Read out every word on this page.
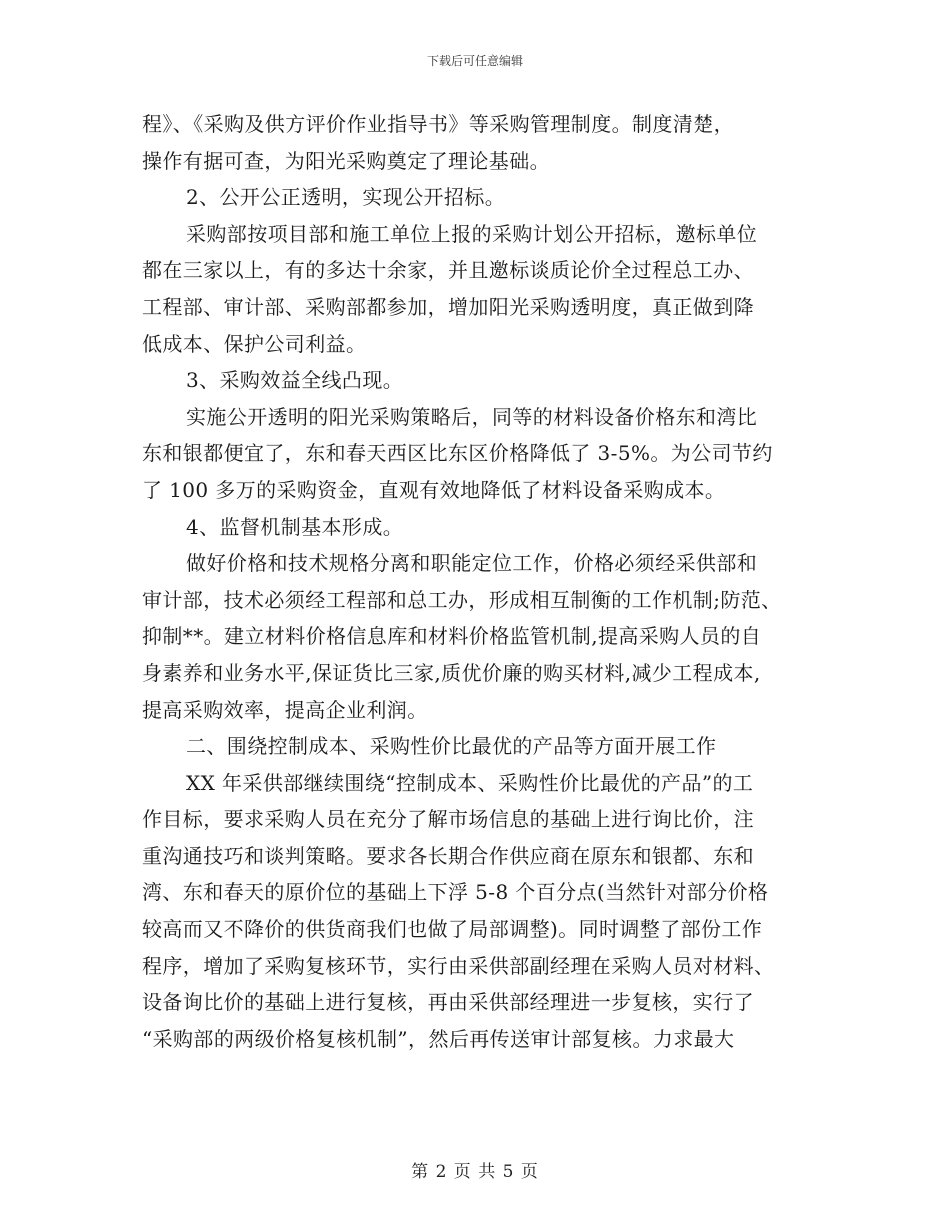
下载后可任意编辑
程》、《采购及供方评价作业指导书》等采购管理制度。制度清楚，
操作有据可查，为阳光采购奠定了理论基础。
2、公开公正透明，实现公开招标。
采购部按项目部和施工单位上报的采购计划公开招标，邀标单位
都在三家以上，有的多达十余家，并且邀标谈质论价全过程总工办、
工程部、审计部、采购部都参加，增加阳光采购透明度，真正做到降
低成本、保护公司利益。
3、采购效益全线凸现。
实施公开透明的阳光采购策略后，同等的材料设备价格东和湾比
东和银都便宜了，东和春天西区比东区价格降低了 3-5%。为公司节约
了 100 多万的采购资金，直观有效地降低了材料设备采购成本。
4、监督机制基本形成。
做好价格和技术规格分离和职能定位工作，价格必须经采供部和
审计部，技术必须经工程部和总工办，形成相互制衡的工作机制;防范、
抑制**。建立材料价格信息库和材料价格监管机制,提高采购人员的自
身素养和业务水平,保证货比三家,质优价廉的购买材料,减少工程成本,
提高采购效率，提高企业利润。
二、围绕控制成本、采购性价比最优的产品等方面开展工作
XX 年采供部继续围绕“控制成本、采购性价比最优的产品”的工
作目标，要求采购人员在充分了解市场信息的基础上进行询比价，注
重沟通技巧和谈判策略。要求各长期合作供应商在原东和银都、东和
湾、东和春天的原价位的基础上下浮 5-8 个百分点(当然针对部分价格
较高而又不降价的供货商我们也做了局部调整)。同时调整了部份工作
程序，增加了采购复核环节，实行由采供部副经理在采购人员对材料、
设备询比价的基础上进行复核，再由采供部经理进一步复核，实行了
“采购部的两级价格复核机制”，然后再传送审计部复核。力求最大
第 2 页 共 5 页
